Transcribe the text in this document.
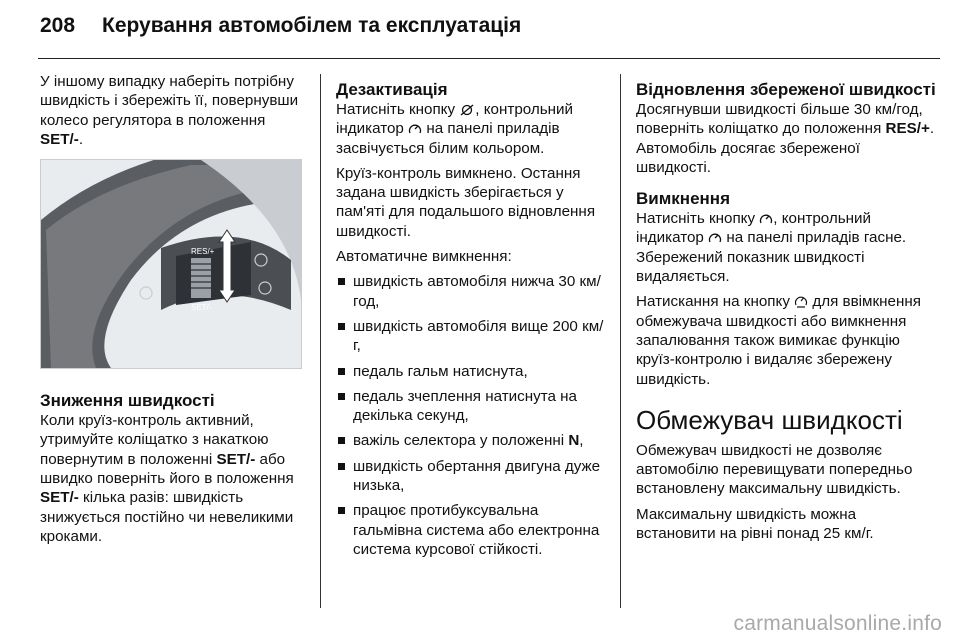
208	Керування автомобілем та експлуатація

У іншому випадку наберіть потрібну швидкість і збережіть її, повернувши колесо регулятора в положення SET/-.

RES/+
SET/-
Зниження швидкості

Коли круїз-контроль активний, утримуйте коліщатко з накаткою повернутим в положенні SET/- або швидко поверніть його в положення SET/- кілька разів: швидкість знижується постійно чи невеликими кроками.

Дезактивація

Натисніть кнопку , контрольний індикатор  на панелі приладів засвічується білим кольором.

Круїз-контроль вимкнено. Остання задана швидкість зберігається у пам'яті для подальшого відновлення швидкості.

Автоматичне вимкнення:

швидкість автомобіля нижча 30 км/год,
швидкість автомобіля вище 200 км/г,
педаль гальм натиснута,
педаль зчеплення натиснута на декілька секунд,
важіль селектора у положенні N,
швидкість обертання двигуна дуже низька,
працює протибуксувальна гальмівна система або електронна система курсової стійкості.
Відновлення збереженої швидкості

Досягнувши швидкості більше 30 км/год, поверніть коліщатко до положення RES/+. Автомобіль досягає збереженої швидкості.

Вимкнення

Натисніть кнопку , контрольний індикатор  на панелі приладів гасне. Збережений показник швидкості видаляється.

Натискання на кнопку  для ввімкнення обмежувача швидкості або вимкнення запалювання також вимикає функцію круїз-контролю і видаляє збережену швидкість.

Обмежувач швидкості

Обмежувач швидкості не дозволяє автомобілю перевищувати попередньо встановлену максимальну швидкість.

Максимальну швидкість можна встановити на рівні понад 25 км/г.

carmanualsonline.info
